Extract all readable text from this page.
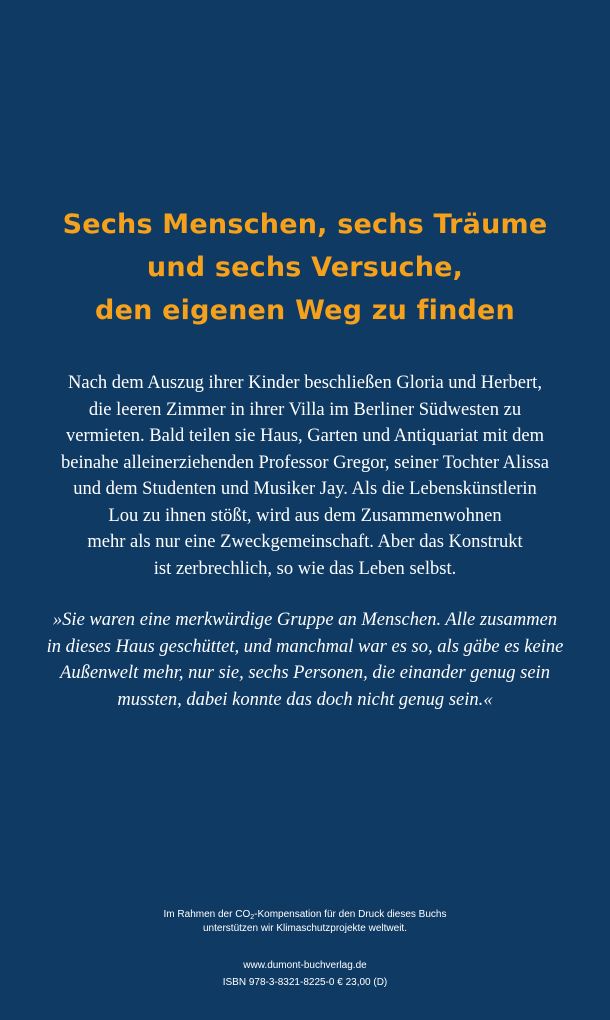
Sechs Menschen, sechs Träume
und sechs Versuche,
den eigenen Weg zu finden
Nach dem Auszug ihrer Kinder beschließen Gloria und Herbert,
die leeren Zimmer in ihrer Villa im Berliner Südwesten zu
vermieten. Bald teilen sie Haus, Garten und Antiquariat mit dem
beinahe alleinerziehenden Professor Gregor, seiner Tochter Alissa
und dem Studenten und Musiker Jay. Als die Lebenskünstlerin
Lou zu ihnen stößt, wird aus dem Zusammenwohnen
mehr als nur eine Zweckgemeinschaft. Aber das Konstrukt
ist zerbrechlich, so wie das Leben selbst.
»Sie waren eine merkwürdige Gruppe an Menschen. Alle zusammen
in dieses Haus geschüttet, und manchmal war es so, als gäbe es keine
Außenwelt mehr, nur sie, sechs Personen, die einander genug sein
mussten, dabei konnte das doch nicht genug sein.«
Im Rahmen der $CO_2$-Kompensation für den Druck dieses Buchs
unterstützen wir Klimaschutzprojekte weltweit.
www.dumont-buchverlag.de
ISBN 978-3-8321-8225-0 € 23,00 (D)
